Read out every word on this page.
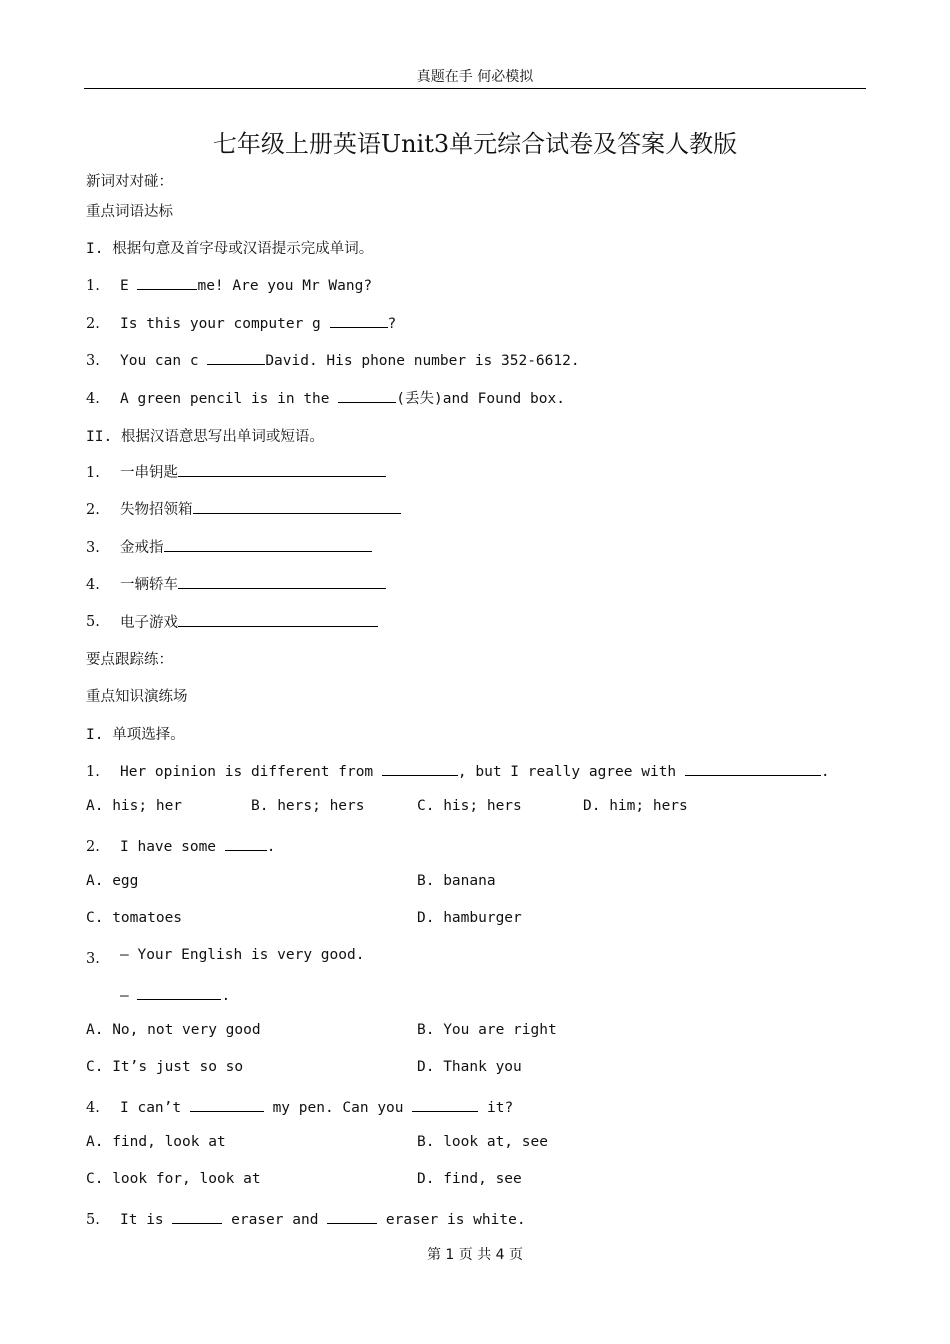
真题在手 何必模拟
七年级上册英语Unit3单元综合试卷及答案人教版
新词对对碰：
重点词语达标
I. 根据句意及首字母或汉语提示完成单词。
1. E	me! Are you Mr Wang?
2. Is this your computer g	?
3. You can c	David. His phone number is 352-6612.
4. A green pencil is in the	(丢失)and Found box.
II. 根据汉语意思写出单词或短语。
1. 一串钥匙
2. 失物招领箱
3. 金戒指
4. 一辆轿车
5. 电子游戏
要点跟踪练：
重点知识演练场
I. 单项选择。
1. Her opinion is different from	, but I really agree with	.
A. his; her	B. hers; hers	C. his; hers	D. him; hers
2. I have some	.
A. egg	B. banana
C. tomatoes	D. hamburger
3. — Your English is very good.
—	.
A. No, not very good	B. You are right
C. It’s just so so	D. Thank you
4. I can’t	my pen. Can you	it?
A. find, look at	B. look at, see
C. look for, look at	D. find, see
5. It is	eraser and	eraser is white.
第 1 页 共 4 页
